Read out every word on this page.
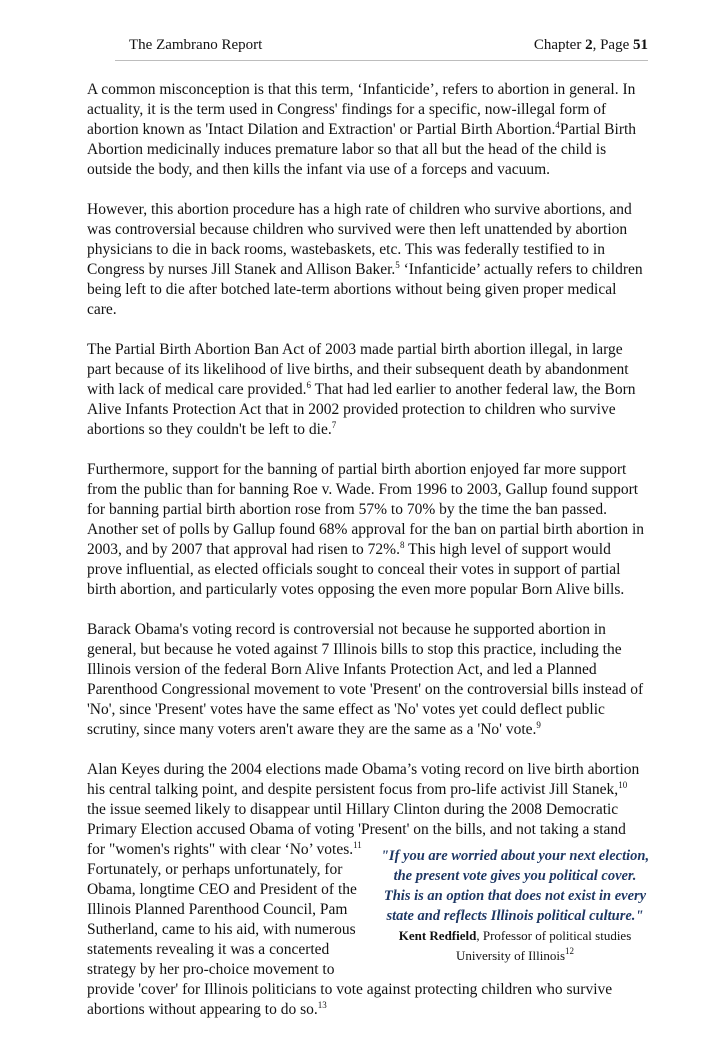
The Zambrano Report	Chapter 2, Page 51

A common misconception is that this term, ‘Infanticide’, refers to abortion in general. In actuality, it is the term used in Congress' findings for a specific, now-illegal form of abortion known as 'Intact Dilation and Extraction' or Partial Birth Abortion.$^4$Partial Birth Abortion medicinally induces premature labor so that all but the head of the child is outside the body, and then kills the infant via use of a forceps and vacuum.

However, this abortion procedure has a high rate of children who survive abortions, and was controversial because children who survived were then left unattended by abortion physicians to die in back rooms, wastebaskets, etc. This was federally testified to in Congress by nurses Jill Stanek and Allison Baker.$^5$ ‘Infanticide’ actually refers to children being left to die after botched late-term abortions without being given proper medical care.

The Partial Birth Abortion Ban Act of 2003 made partial birth abortion illegal, in large part because of its likelihood of live births, and their subsequent death by abandonment with lack of medical care provided.$^6$ That had led earlier to another federal law, the Born Alive Infants Protection Act that in 2002 provided protection to children who survive abortions so they couldn't be left to die.$^7$

Furthermore, support for the banning of partial birth abortion enjoyed far more support from the public than for banning Roe v. Wade. From 1996 to 2003, Gallup found support for banning partial birth abortion rose from 57% to 70% by the time the ban passed. Another set of polls by Gallup found 68% approval for the ban on partial birth abortion in 2003, and by 2007 that approval had risen to 72%.$^8$ This high level of support would prove influential, as elected officials sought to conceal their votes in support of partial birth abortion, and particularly votes opposing the even more popular Born Alive bills.

Barack Obama's voting record is controversial not because he supported abortion in general, but because he voted against 7 Illinois bills to stop this practice, including the Illinois version of the federal Born Alive Infants Protection Act, and led a Planned Parenthood Congressional movement to vote 'Present' on the controversial bills instead of 'No', since 'Present' votes have the same effect as 'No' votes yet could deflect public scrutiny, since many voters aren't aware they are the same as a 'No' vote.$^9$

Alan Keyes during the 2004 elections made Obama’s voting record on live birth abortion his central talking point, and despite persistent focus from pro-life activist Jill Stanek,$^{10}$ the issue seemed likely to disappear until Hillary Clinton during the 2008 Democratic Primary Election accused Obama of voting 'Present' on the bills, and not taking a stand for "women's rights" with clear ‘No’ votes.	"If you are worried about your next election,
the present vote gives you political cover.
This is an option that does not exist in every
state and reflects Illinois political culture."
Kent Redfield, Professor of political studies
University of Illinois$^{12}$
$^{11}$ Fortunately, or perhaps unfortunately, for Obama, longtime CEO and President of the Illinois Planned Parenthood Council, Pam Sutherland, came to his aid, with numerous statements revealing it was a concerted strategy by her pro-choice movement to provide 'cover' for Illinois politicians to vote against protecting children who survive abortions without appearing to do so.$^{13}$
